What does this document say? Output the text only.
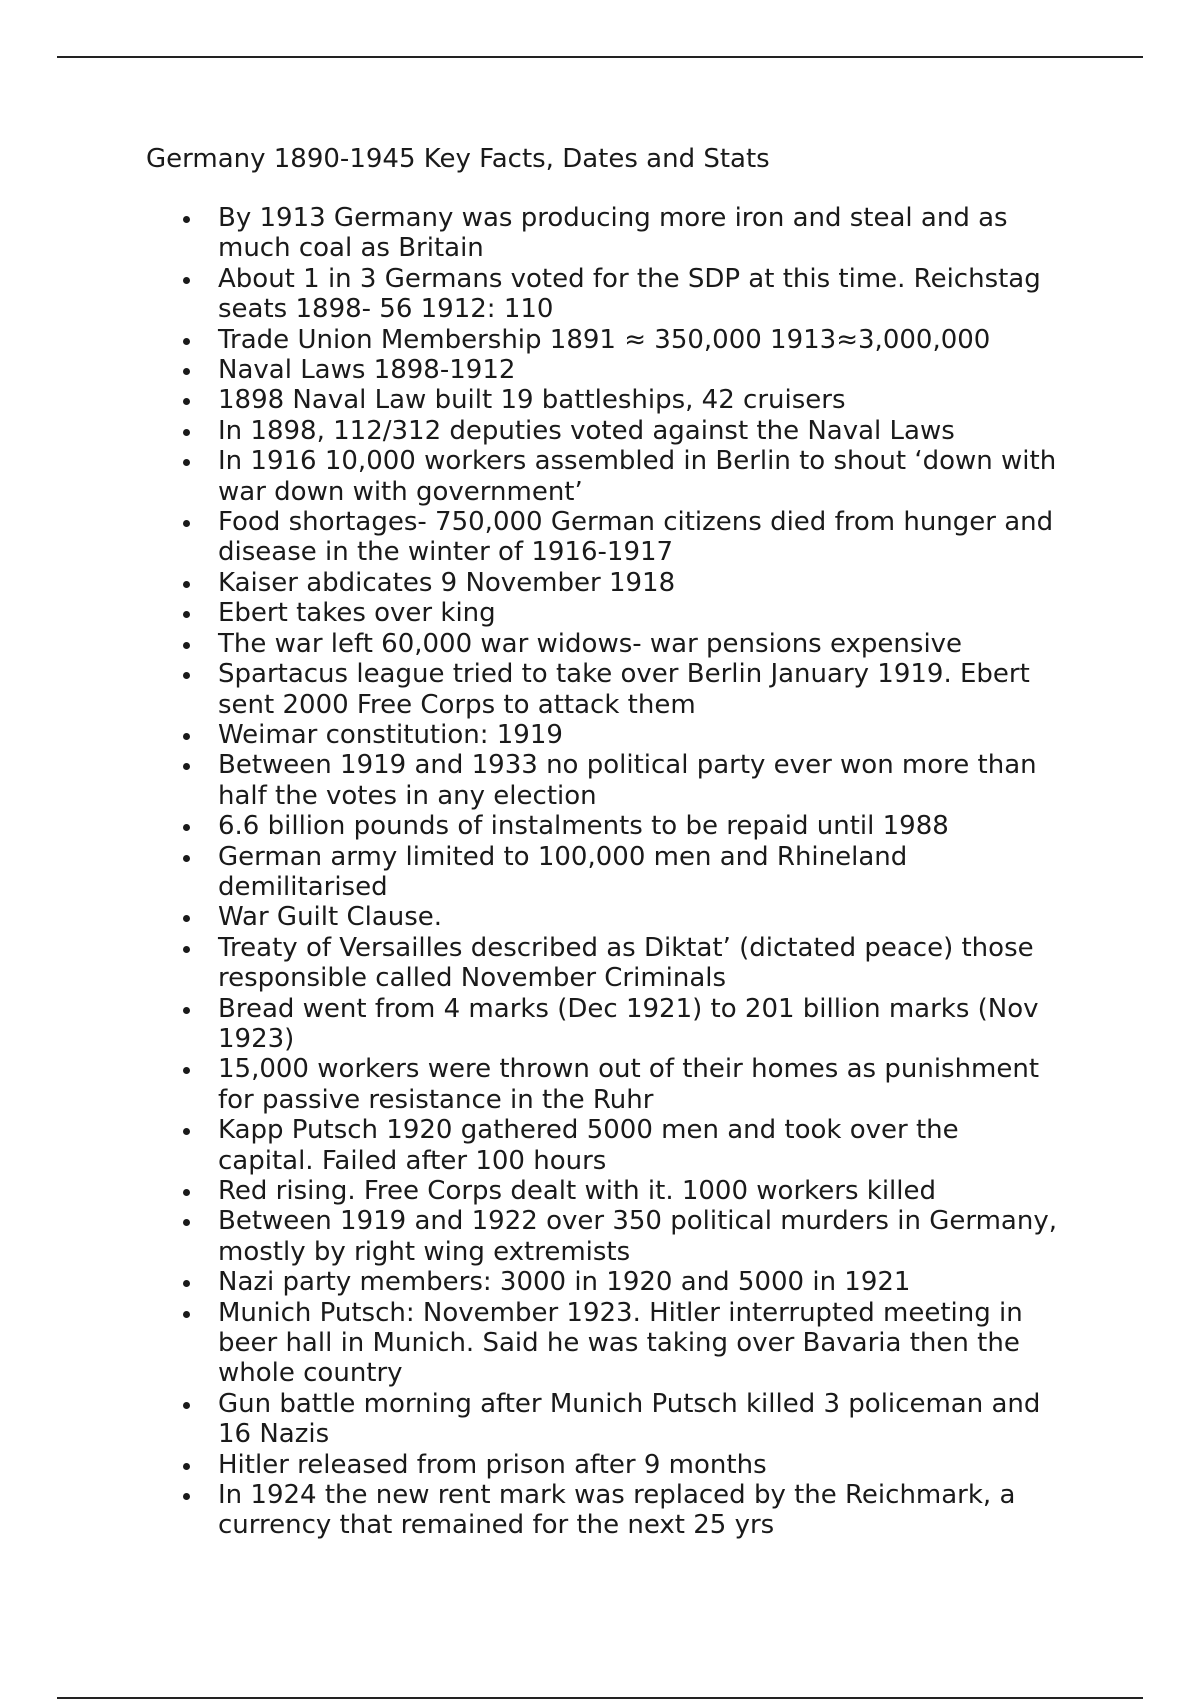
Germany 1890-1945 Key Facts, Dates and Stats
By 1913 Germany was producing more iron and steal and as much coal as Britain
About 1 in 3 Germans voted for the SDP at this time. Reichstag seats 1898- 56 1912: 110
Trade Union Membership 1891 ≈ 350,000 1913≈3,000,000
Naval Laws 1898-1912
1898 Naval Law built 19 battleships, 42 cruisers
In 1898, 112/312 deputies voted against the Naval Laws
In 1916 10,000 workers assembled in Berlin to shout ‘down with war down with government’
Food shortages- 750,000 German citizens died from hunger and disease in the winter of 1916-1917
Kaiser abdicates 9 November 1918
Ebert takes over king
The war left 60,000 war widows- war pensions expensive
Spartacus league tried to take over Berlin January 1919. Ebert sent 2000 Free Corps to attack them
Weimar constitution: 1919
Between 1919 and 1933 no political party ever won more than half the votes in any election
6.6 billion pounds of instalments to be repaid until 1988
German army limited to 100,000 men and Rhineland demilitarised
War Guilt Clause.
Treaty of Versailles described as Diktat’ (dictated peace) those responsible called November Criminals
Bread went from 4 marks (Dec 1921) to 201 billion marks (Nov 1923)
15,000 workers were thrown out of their homes as punishment for passive resistance in the Ruhr
Kapp Putsch 1920 gathered 5000 men and took over the capital. Failed after 100 hours
Red rising. Free Corps dealt with it. 1000 workers killed
Between 1919 and 1922 over 350 political murders in Germany, mostly by right wing extremists
Nazi party members: 3000 in 1920 and 5000 in 1921
Munich Putsch: November 1923. Hitler interrupted meeting in beer hall in Munich. Said he was taking over Bavaria then the whole country
Gun battle morning after Munich Putsch killed 3 policeman and 16 Nazis
Hitler released from prison after 9 months
In 1924 the new rent mark was replaced by the Reichmark, a currency that remained for the next 25 yrs
